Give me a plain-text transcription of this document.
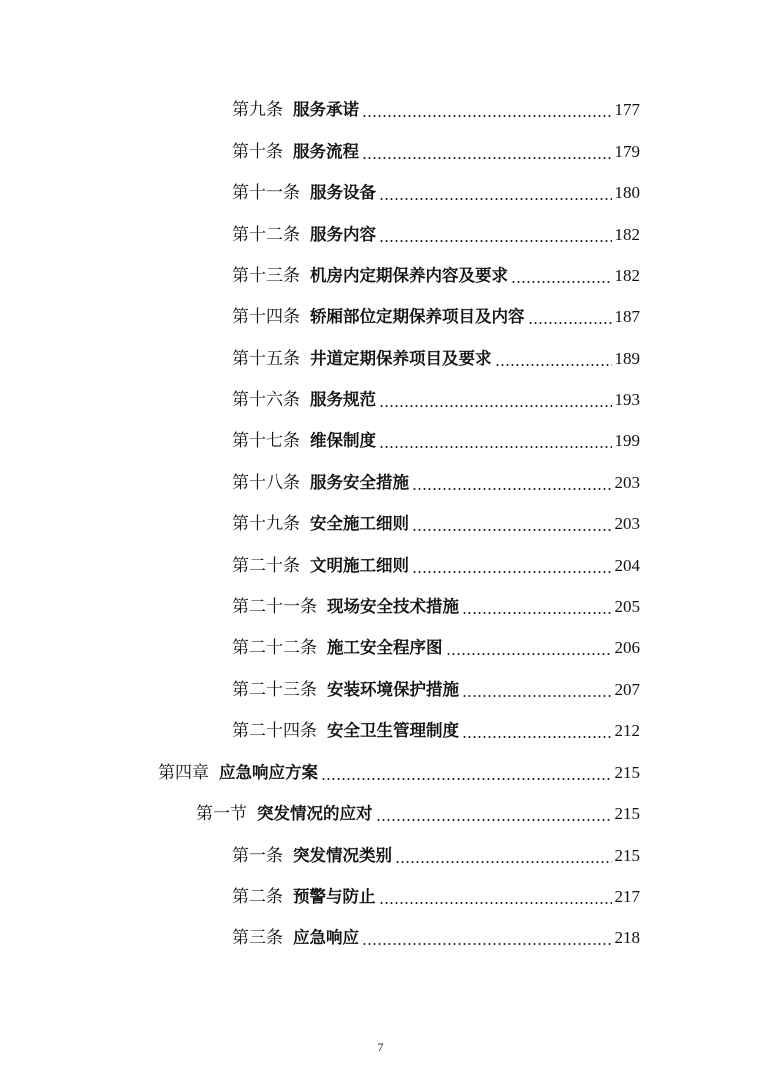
第九条 服务承诺	177
第十条 服务流程	179
第十一条 服务设备	180
第十二条 服务内容	182
第十三条 机房内定期保养内容及要求	182
第十四条 轿厢部位定期保养项目及内容	187
第十五条 井道定期保养项目及要求	189
第十六条 服务规范	193
第十七条 维保制度	199
第十八条 服务安全措施	203
第十九条 安全施工细则	203
第二十条 文明施工细则	204
第二十一条 现场安全技术措施	205
第二十二条 施工安全程序图	206
第二十三条 安装环境保护措施	207
第二十四条 安全卫生管理制度	212
第四章 应急响应方案	215
第一节 突发情况的应对	215
第一条 突发情况类别	215
第二条 预警与防止	217
第三条 应急响应	218
7
